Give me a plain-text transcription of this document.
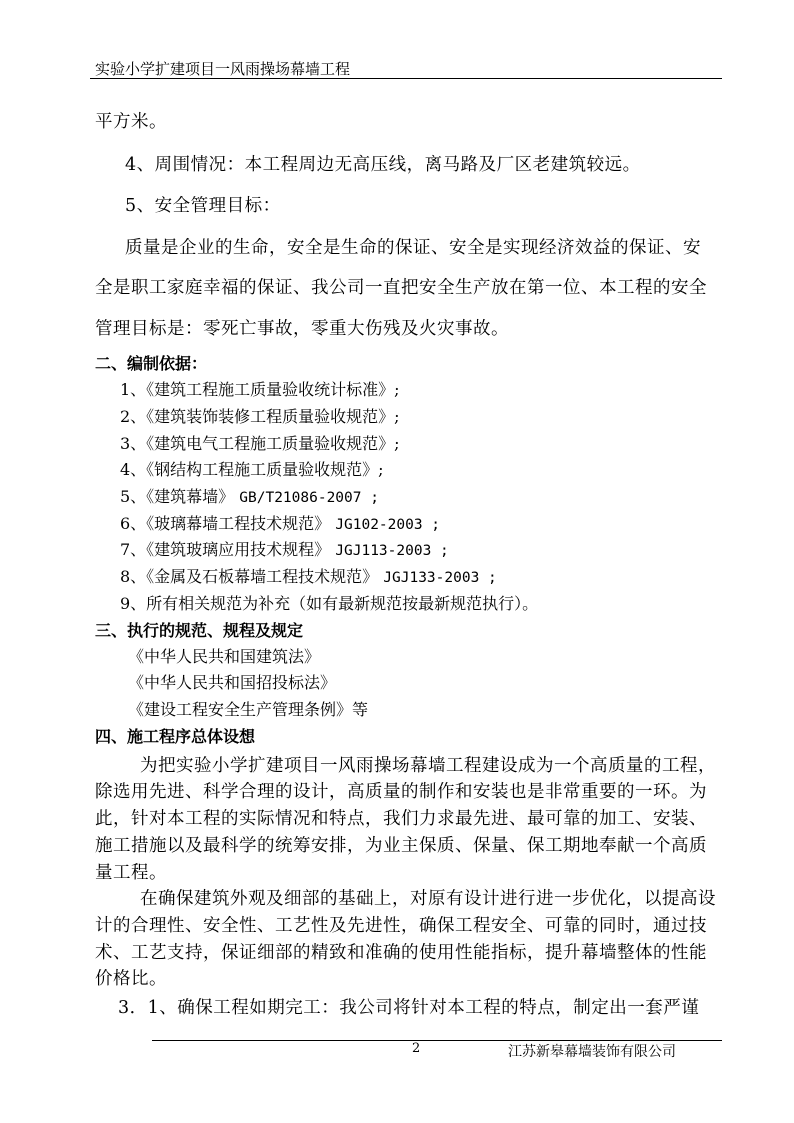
实验小学扩建项目一风雨操场幕墙工程
平方米。
4、周围情况：本工程周边无高压线，离马路及厂区老建筑较远。
5、安全管理目标：
质量是企业的生命，安全是生命的保证、安全是实现经济效益的保证、安
全是职工家庭幸福的保证、我公司一直把安全生产放在第一位、本工程的安全
管理目标是：零死亡事故，零重大伤残及火灾事故。
二、编制依据：
1、《建筑工程施工质量验收统计标准》;
2、《建筑装饰装修工程质量验收规范》;
3、《建筑电气工程施工质量验收规范》;
4、《钢结构工程施工质量验收规范》;
5、《建筑幕墙》 GB/T21086-2007 ;
6、《玻璃幕墙工程技术规范》 JG102-2003 ;
7、《建筑玻璃应用技术规程》 JGJ113-2003 ;
8、《金属及石板幕墙工程技术规范》 JGJ133-2003 ;
9、所有相关规范为补充（如有最新规范按最新规范执行）。
三、执行的规范、规程及规定
《中华人民共和国建筑法》
《中华人民共和国招投标法》
《建设工程安全生产管理条例》等
四、施工程序总体设想
为把实验小学扩建项目一风雨操场幕墙工程建设成为一个高质量的工程，
除选用先进、科学合理的设计，高质量的制作和安装也是非常重要的一环。为
此，针对本工程的实际情况和特点，我们力求最先进、最可靠的加工、安装、
施工措施以及最科学的统筹安排，为业主保质、保量、保工期地奉献一个高质
量工程。
在确保建筑外观及细部的基础上，对原有设计进行进一步优化，以提高设
计的合理性、安全性、工艺性及先进性，确保工程安全、可靠的同时，通过技
术、工艺支持，保证细部的精致和准确的使用性能指标，提升幕墙整体的性能
价格比。
3．1、确保工程如期完工：我公司将针对本工程的特点，制定出一套严谨
2	江苏新皋幕墙装饰有限公司
